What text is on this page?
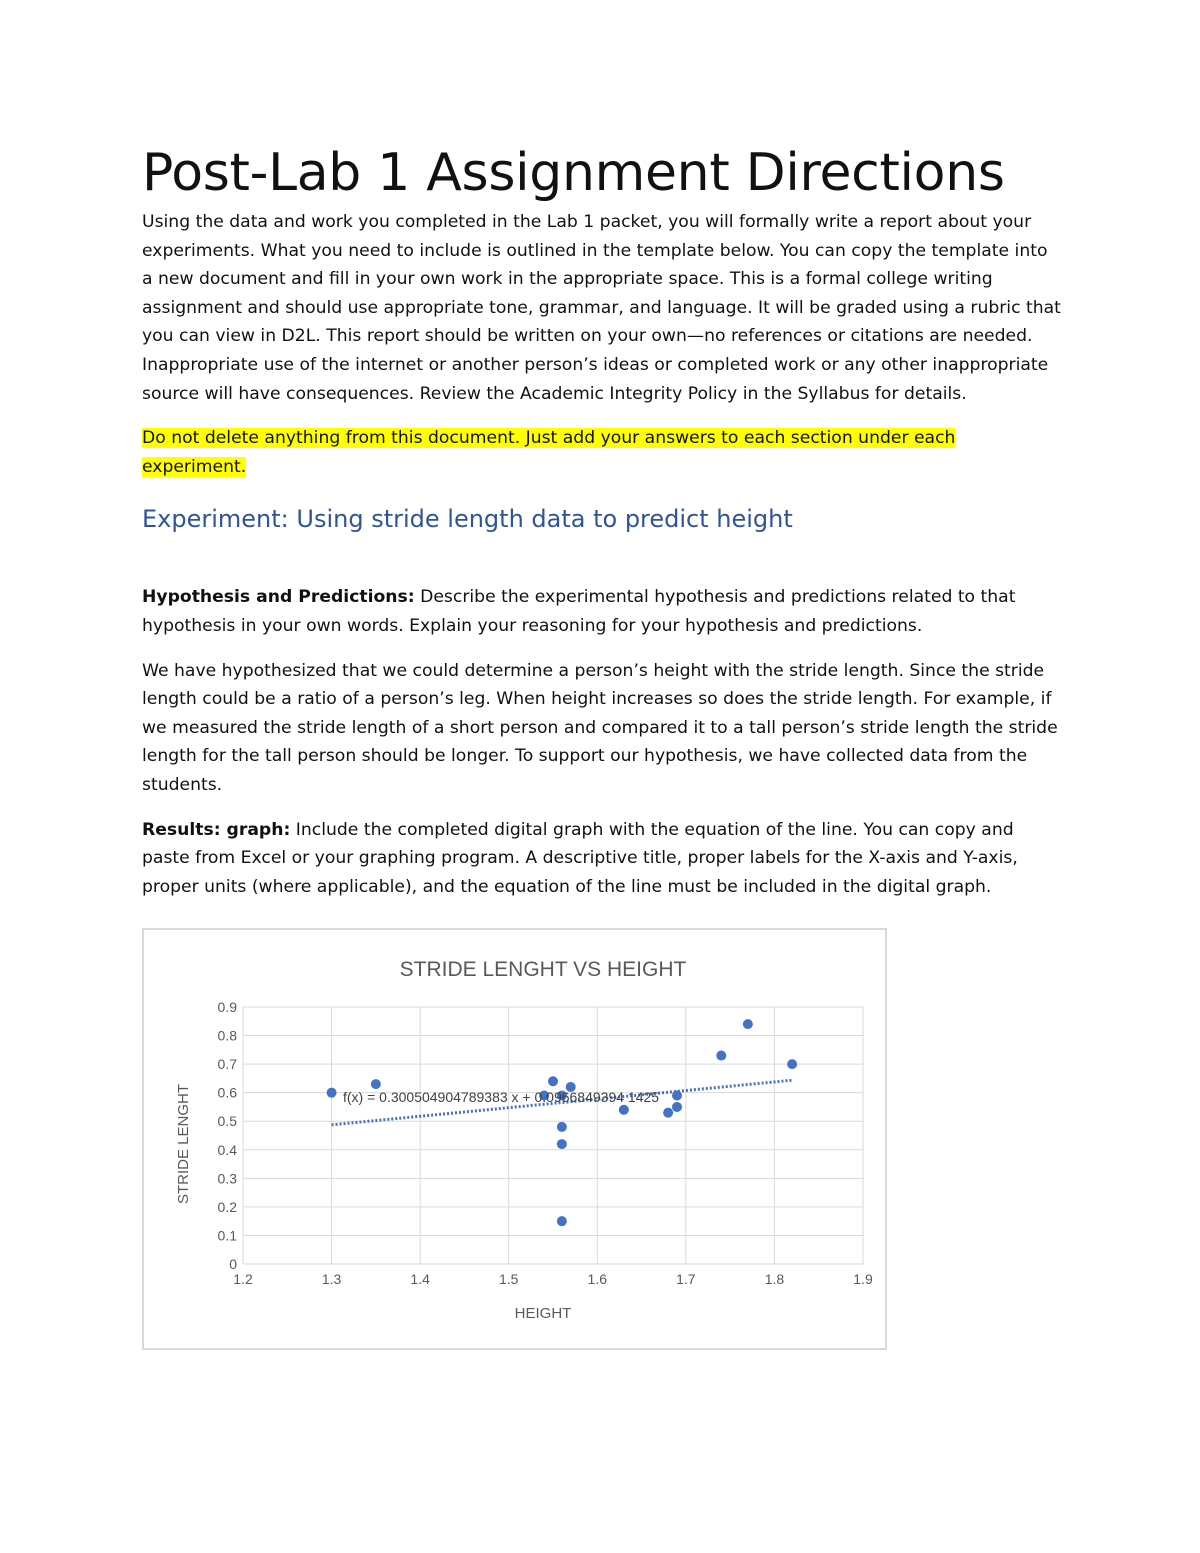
Post-Lab 1 Assignment Directions

Using the data and work you completed in the Lab 1 packet, you will formally write a report about your experiments. What you need to include is outlined in the template below. You can copy the template into a new document and fill in your own work in the appropriate space. This is a formal college writing assignment and should use appropriate tone, grammar, and language. It will be graded using a rubric that you can view in D2L. This report should be written on your own—no references or citations are needed. Inappropriate use of the internet or another person’s ideas or completed work or any other inappropriate source will have consequences. Review the Academic Integrity Policy in the Syllabus for details.

Do not delete anything from this document. Just add your answers to each section under each experiment.
Experiment: Using stride length data to predict height

Hypothesis and Predictions: Describe the experimental hypothesis and predictions related to that hypothesis in your own words. Explain your reasoning for your hypothesis and predictions.

We have hypothesized that we could determine a person’s height with the stride length. Since the stride length could be a ratio of a person’s leg. When height increases so does the stride length. For example, if we measured the stride length of a short person and compared it to a tall person’s stride length the stride length for the tall person should be longer. To support our hypothesis, we have collected data from the students.

Results: graph: Include the completed digital graph with the equation of the line. You can copy and paste from Excel or your graphing program. A descriptive title, proper labels for the X-axis and Y-axis, proper units (where applicable), and the equation of the line must be included in the digital graph.

1.2	1.3	1.4	1.5	1.6	1.7	1.8	1.9
0
0.1
0.2
0.3
0.4
0.5
0.6
0.7
0.8
0.9
STRIDE LENGHT VS HEIGHT
f(x) = 0.300504904789383 x + 0.0966849394 1425
HEIGHT
STRIDE LENGHT
